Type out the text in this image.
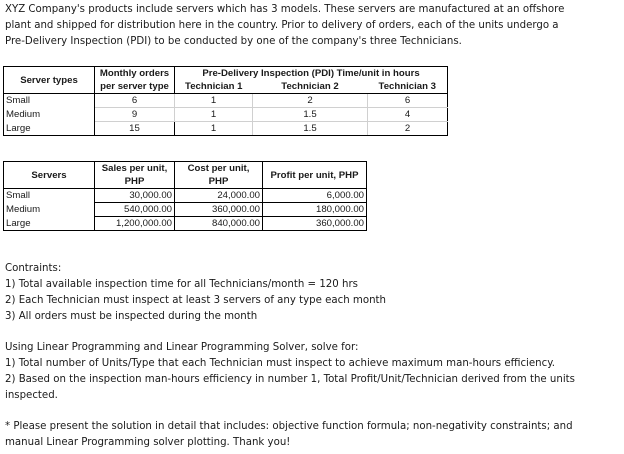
XYZ Company's products include servers which has 3 models. These servers are manufactured at an offshore
plant and shipped for distribution here in the country. Prior to delivery of orders, each of the units undergo a
Pre-Delivery Inspection (PDI) to be conducted by one of the company's three Technicians.
Server types	Monthly orders	Pre-Delivery Inspection (PDI) Time/unit in hours		
	per server type	Technician 1	Technician 2	Technician 3
Small	6	1	2	6
Medium	9	1	1.5	4
Large	15	1	1.5	2
Servers	Sales per unit,	Cost per unit,	Profit per unit, PHP
	PHP	PHP	
Small	30,000.00	24,000.00	6,000.00
Medium	540,000.00	360,000.00	180,000.00
Large	1,200,000.00	840,000.00	360,000.00
Contraints:
1) Total available inspection time for all Technicians/month = 120 hrs
2) Each Technician must inspect at least 3 servers of any type each month
3) All orders must be inspected during the month
Using Linear Programming and Linear Programming Solver, solve for:
1) Total number of Units/Type that each Technician must inspect to achieve maximum man-hours efficiency.
2) Based on the inspection man-hours efficiency in number 1, Total Profit/Unit/Technician derived from the units
inspected.
* Please present the solution in detail that includes: objective function formula; non-negativity constraints; and
manual Linear Programming solver plotting. Thank you!
